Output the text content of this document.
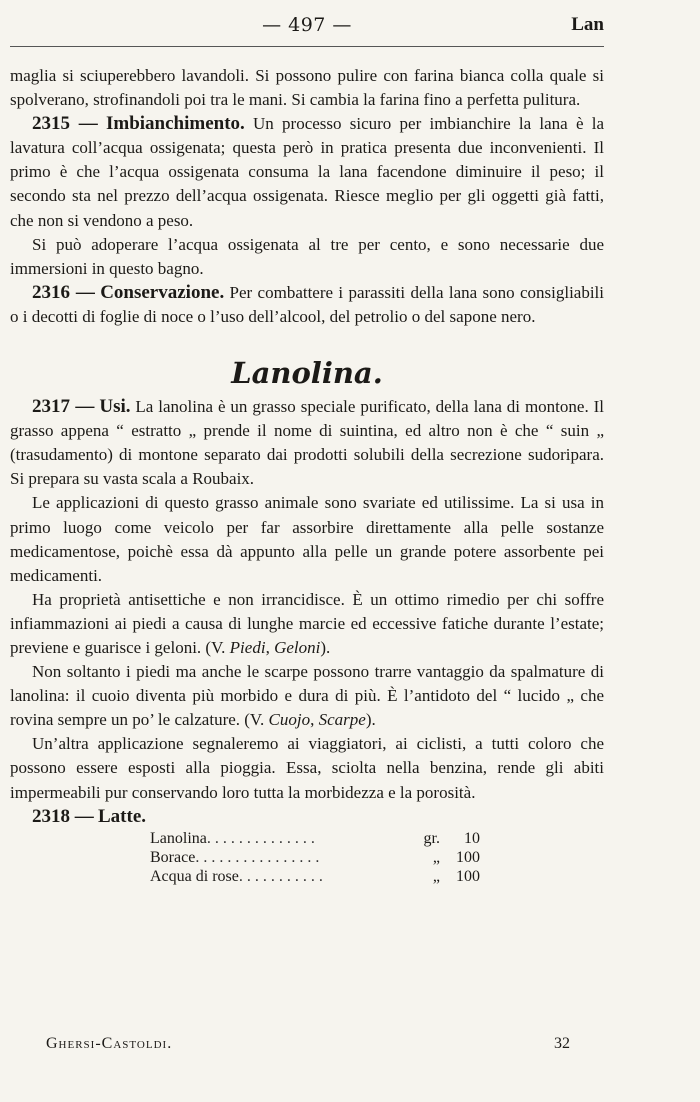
— 497 —	Lan

maglia si sciuperebbero lavandoli. Si possono pulire con farina bianca colla quale si spolverano, strofinandoli poi tra le mani. Si cambia la farina fino a perfetta pulitura.

2315 — Imbianchimento. Un processo sicuro per imbianchire la lana è la lavatura coll’acqua ossigenata; questa però in pratica presenta due inconvenienti. Il primo è che l’acqua ossigenata consuma la lana facendone diminuire il peso; il secondo sta nel prezzo dell’acqua ossigenata. Riesce meglio per gli oggetti già fatti, che non si vendono a peso.

Si può adoperare l’acqua ossigenata al tre per cento, e sono necessarie due immersioni in questo bagno.

2316 — Conservazione. Per combattere i parassiti della lana sono consigliabili o i decotti di foglie di noce o l’uso dell’alcool, del petrolio o del sapone nero.

Lanolina.

2317 — Usi. La lanolina è un grasso speciale purificato, della lana di montone. Il grasso appena “ estratto „ prende il nome di suintina, ed altro non è che “ suin „ (trasudamento) di montone separato dai prodotti solubili della secrezione sudoripara. Si prepara su vasta scala a Roubaix.

Le applicazioni di questo grasso animale sono svariate ed utilissime. La si usa in primo luogo come veicolo per far assorbire direttamente alla pelle sostanze medicamentose, poichè essa dà appunto alla pelle un grande potere assorbente pei medicamenti.

Ha proprietà antisettiche e non irrancidisce. È un ottimo rimedio per chi soffre infiammazioni ai piedi a causa di lunghe marcie ed eccessive fatiche durante l’estate; previene e guarisce i geloni. (V. Piedi, Geloni).

Non soltanto i piedi ma anche le scarpe possono trarre vantaggio da spalmature di lanolina: il cuoio diventa più morbido e dura di più. È l’antidoto del “ lucido „ che rovina sempre un po’ le calzature. (V. Cuojo, Scarpe).

Un’altra applicazione segnaleremo ai viaggiatori, ai ciclisti, a tutti coloro che possono essere esposti alla pioggia. Essa, sciolta nella benzina, rende gli abiti impermeabili pur conservando loro tutta la morbidezza e la porosità.

2318 — Latte.

Lanolina . . . . . . . . . . . . . .	gr.	10
Borace . . . . . . . . . . . . . . . .	„	100
Acqua di rose . . . . . . . . . . .	„	100
Ghersi-Castoldi.	32
